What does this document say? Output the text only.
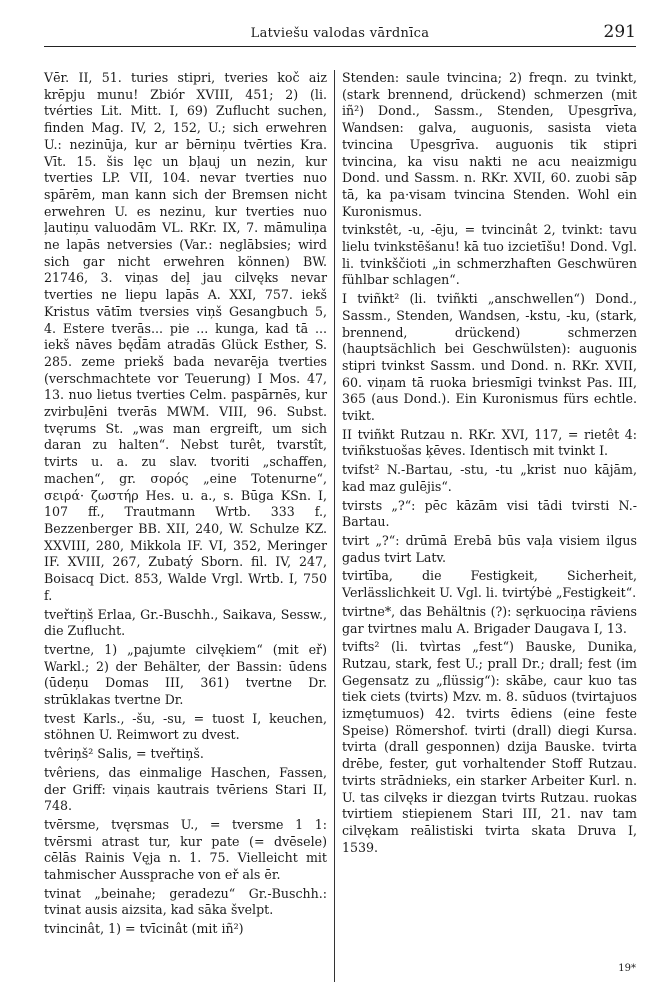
Latviešu valodas vārdnīca	291

Vēr. II, 51. turies stipri, tveries koč aiz krēpju munu! Zbiór XVIII, 451; 2) (li. tvérties Lit. Mitt. I, 69) Zuflucht suchen, finden Mag. IV, 2, 152, U.; sich erwehren U.: nezinūja, kur ar bērniņu tvērties Kra. Vīt. 15. šis lęc un bļauj un nezin, kur tverties LP. VII, 104. nevar tverties nuo spārēm, man kann sich der Bremsen nicht erwehren U. es nezinu, kur tverties nuo ļautiņu valuodām VL. RKr. IX, 7. māmuliņa ne lapās netversies (Var.: neglābsies; wird sich gar nicht erwehren können) BW. 21746, 3. viņas deļ jau cilvęks nevar tverties ne liepu lapās A. XXI, 757. iekš Kristus vātīm tversies viņš Gesangbuch 5, 4. Estere tverās... pie ... kunga, kad tā ... iekš nāves będ̄ām atradās Glück Esther, S. 285. zeme priekš bada nevarēja tverties (verschmachtete vor Teuerung) I Mos. 47, 13. nuo lietus tverties Celm. paspārnēs, kur zvirbuļēni tverās MWM. VIII, 96. Subst. tvęrums St. „was man ergreift, um sich daran zu halten“. Nebst turêt, tvarstît, tvirts u. a. zu slav. tvoriti „schaffen, machen“, gr. σορός „eine Totenurne“, σειρά· ζωστήρ Hes. u. a., s. Būga KSn. I, 107 ff., Trautmann Wrtb. 333 f., Bezzenberger BB. XII, 240, W. Schulze KZ. XXVIII, 280, Mikkola IF. VI, 352, Meringer IF. XVIII, 267, Zubatý Sborn. fil. IV, 247, Boisacq Dict. 853, Walde Vrgl. Wrtb. I, 750 f.

tveřtiņš Erlaa, Gr.-Buschh., Saikava, Sessw., die Zuflucht.

tvertne, 1) „pajumte cilvękiem“ (mit eř) Warkl.; 2) der Behälter, der Bassin: ūdens (ūdeņu Domas III, 361) tvertne Dr. strūklakas tvertne Dr.

tvest Karls., -šu, -su, = tuost I, keuchen, stöhnen U. Reimwort zu dvest.

tvêriņš² Salis, = tveřtiņš.

tvêriens, das einmalige Haschen, Fassen, der Griff: viņais kautrais tvēriens Stari II, 748.

tvērsme, tvęrsmas U., = tversme 1 1: tvērsmi atrast tur, kur pate (= dvēsele) cēlās Rainis Vęja n. 1. 75. Vielleicht mit tahmischer Aussprache von eř als ēr.

tvinat „beinahe; geradezu“ Gr.-Buschh.: tvinat ausis aizsita, kad sāka švelpt.

tvincinât, 1) = tvīcinât (mit iñ²)

Stenden: saule tvincina; 2) freqn. zu tvinkt, (stark brennend, drückend) schmerzen (mit iñ²) Dond., Sassm., Stenden, Upesgrīva, Wandsen: galva, auguonis, sasista vieta tvincina Upesgrīva. auguonis tik stipri tvincina, ka visu nakti ne acu neaizmigu Dond. und Sassm. n. RKr. XVII, 60. zuobi sāp tā, ka pa·visam tvincina Stenden. Wohl ein Kuronismus.

tvinkstêt, -u, -ēju, = tvincinât 2, tvinkt: tavu lielu tvinkstēšanu! kā tuo izcietīšu! Dond. Vgl. li. tvinkščioti „in schmerzhaften Geschwüren fühlbar schlagen“.

I tviñkt² (li. tviñkti „anschwellen“) Dond., Sassm., Stenden, Wandsen, -kstu, -ku, (stark, brennend, drückend) schmerzen (hauptsächlich bei Geschwülsten): auguonis stipri tvinkst Sassm. und Dond. n. RKr. XVII, 60. viņam tā ruoka briesmīgi tvinkst Pas. III, 365 (aus Dond.). Ein Kuronismus fürs echtle. tvikt.

II tviñkt Rutzau n. RKr. XVI, 117, = rietêt 4: tviñkstuošas ķēves. Identisch mit tvinkt I.

tvifst² N.-Bartau, -stu, -tu „krist nuo kājām, kad maz gulējis“.

tvirsts „?“: pēc kāzām visi tādi tvirsti N.-Bartau.

tvirt „?“: drūmā Erebā būs vaļa visiem ilgus gadus tvirt Latv.

tvirtība, die Festigkeit, Sicherheit, Verlässlichkeit U. Vgl. li. tvirtýbė „Festigkeit“.

tvirtne*, das Behältnis (?): sęrkuociņa rāviens gar tvirtnes malu A. Brigader Daugava I, 13.

tvifts² (li. tvìrtas „fest“) Bauske, Dunika, Rutzau, stark, fest U.; prall Dr.; drall; fest (im Gegensatz zu „flüssig“): skābe, caur kuo tas tiek ciets (tvirts) Mzv. m. 8. sūduos (tvirtajuos izmętumuos) 42. tvirts ēdiens (eine feste Speise) Römershof. tvirti (drall) diegi Kursa. tvirta (drall gesponnen) dzija Bauske. tvirta drēbe, fester, gut vorhaltender Stoff Rutzau. tvirts strādnieks, ein starker Arbeiter Kurl. n. U. tas cilvęks ir diezgan tvirts Rutzau. ruokas tvirtiem stiepienem Stari III, 21. nav tam cilvękam reālistiski tvirta skata Druva I, 1539.

19*
